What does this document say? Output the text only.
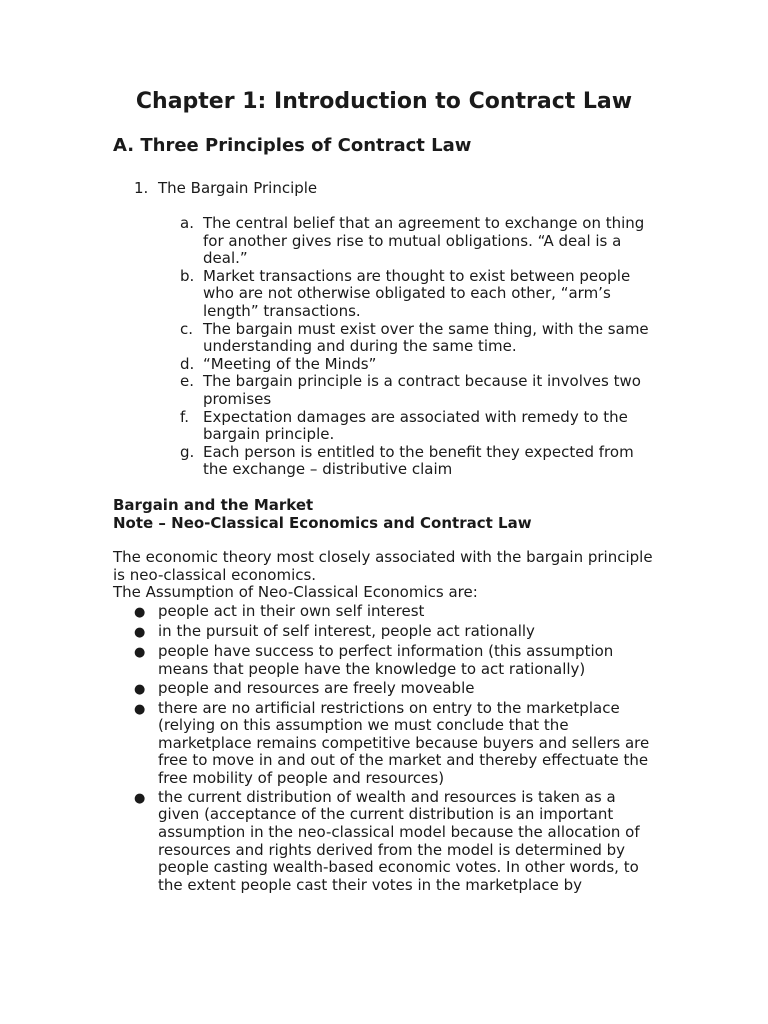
Chapter 1: Introduction to Contract Law
A. Three Principles of Contract Law
1. The Bargain Principle
a. The central belief that an agreement to exchange on thing for another gives rise to mutual obligations. “A deal is a deal.”
b. Market transactions are thought to exist between people who are not otherwise obligated to each other, “arm’s length” transactions.
c. The bargain must exist over the same thing, with the same understanding and during the same time.
d. “Meeting of the Minds”
e. The bargain principle is a contract because it involves two promises
f. Expectation damages are associated with remedy to the bargain principle.
g. Each person is entitled to the benefit they expected from the exchange – distributive claim
Bargain and the Market
Note – Neo-Classical Economics and Contract Law
The economic theory most closely associated with the bargain principle is neo-classical economics.
The Assumption of Neo-Classical Economics are:
● people act in their own self interest
● in the pursuit of self interest, people act rationally
● people have success to perfect information (this assumption means that people have the knowledge to act rationally)
● people and resources are freely moveable
● there are no artificial restrictions on entry to the marketplace (relying on this assumption we must conclude that the marketplace remains competitive because buyers and sellers are free to move in and out of the market and thereby effectuate the free mobility of people and resources)
● the current distribution of wealth and resources is taken as a given (acceptance of the current distribution is an important assumption in the neo-classical model because the allocation of resources and rights derived from the model is determined by people casting wealth-based economic votes. In other words, to the extent people cast their votes in the marketplace by
